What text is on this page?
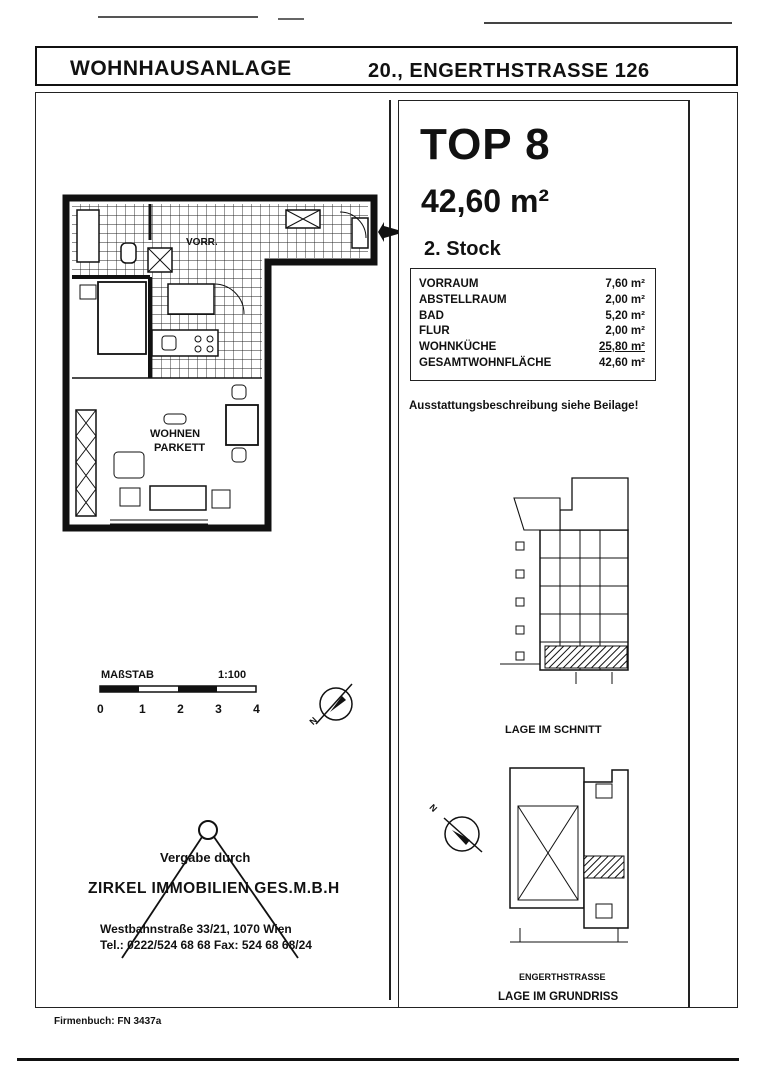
WOHNHAUSANLAGE	20., ENGERTHSTRASSE 126
TOP 8
42,60 m²
2. Stock
VORRAUM	7,60 m²
ABSTELLRAUM	2,00 m²
BAD	5,20 m²
FLUR	2,00 m²
WOHNKÜCHE	25,80 m²
GESAMTWOHNFLÄCHE	42,60 m²
Ausstattungsbeschreibung siehe Beilage!
VORR.
WOHNEN
PARKETT
MAßSTAB	1:100
0	1	2	3	4
N
N
LAGE IM SCHNITT
ENGERTHSTRASSE
LAGE IM GRUNDRISS
Vergabe durch
ZIRKEL IMMOBILIEN GES.M.B.H
Westbahnstraße 33/21, 1070 Wien
Tel.: 0222/524 68 68 Fax: 524 68 68/24
Firmenbuch: FN 3437a
